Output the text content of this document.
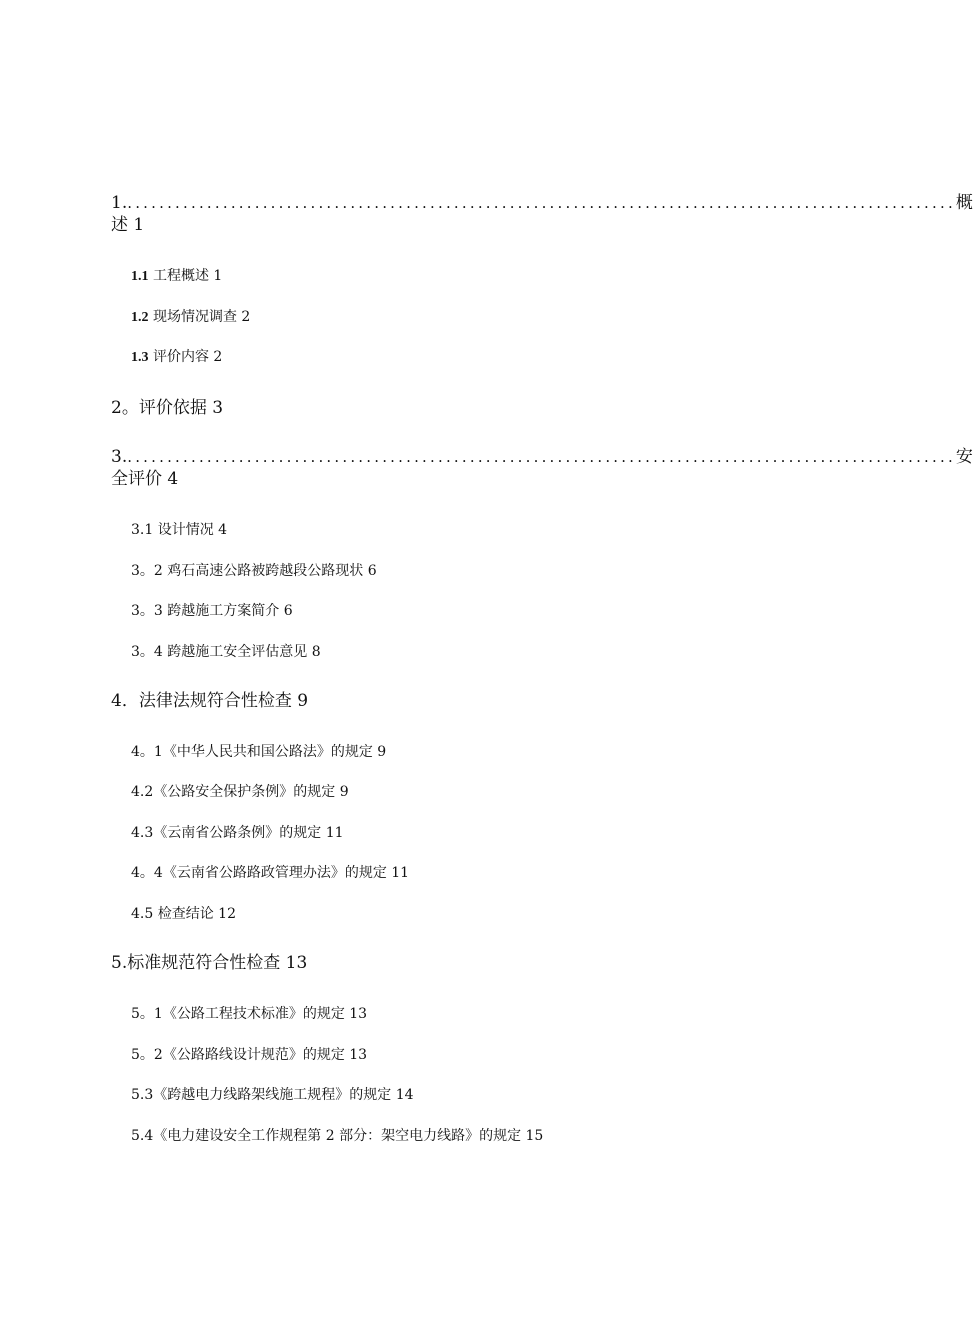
1. ........................................................................................................ 概
述 1
1.1 工程概述 1
1.2 现场情况调查 2
1.3 评价内容 2
2。评价依据 3
3. ........................................................................................................ 安
全评价 4
3.1 设计情况 4
3。2 鸡石高速公路被跨越段公路现状 6
3。3 跨越施工方案简介 6
3。4 跨越施工安全评估意见 8
4．法律法规符合性检查 9
4。1《中华人民共和国公路法》的规定 9
4.2《公路安全保护条例》的规定 9
4.3《云南省公路条例》的规定 11
4。4《云南省公路路政管理办法》的规定 11
4.5 检查结论 12
5.标准规范符合性检查 13
5。1《公路工程技术标准》的规定 13
5。2《公路路线设计规范》的规定 13
5.3《跨越电力线路架线施工规程》的规定 14
5.4《电力建设安全工作规程第 2 部分：架空电力线路》的规定 15
